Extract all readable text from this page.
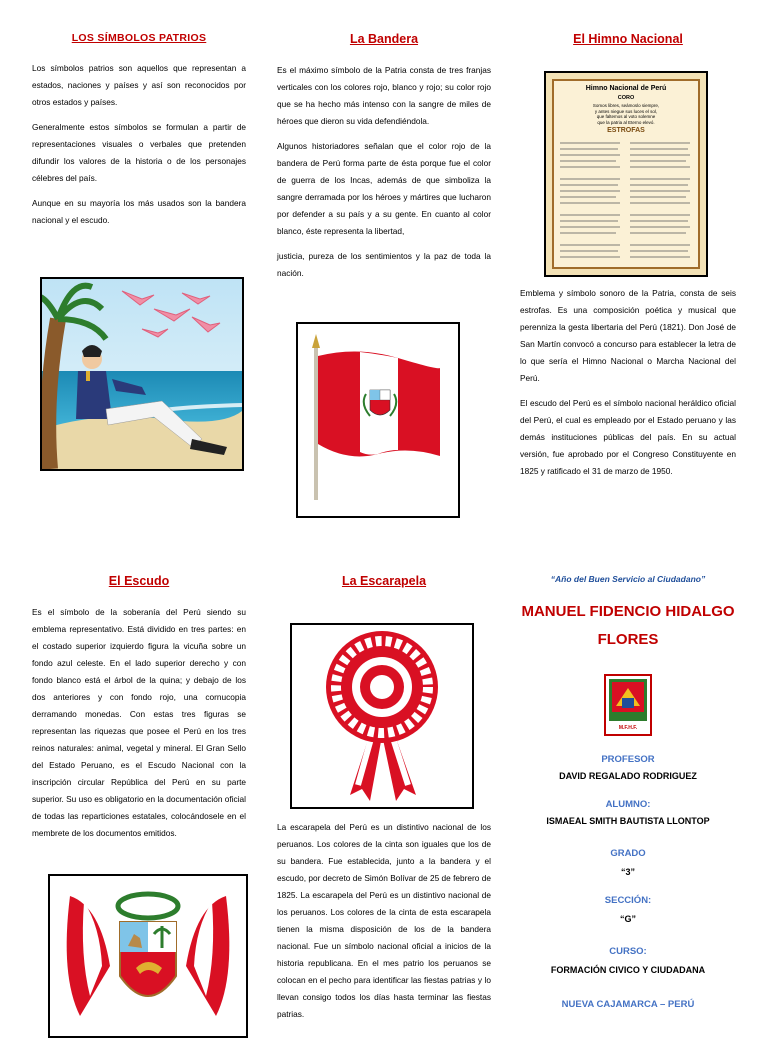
LOS SÍMBOLOS PATRIOS

Los símbolos patrios son aquellos que representan a estados, naciones y países y así son reconocidos por otros estados y países.

Generalmente estos símbolos se formulan a partir de representaciones visuales o verbales que pretenden difundir los valores de la historia o de los personajes célebres del país.

Aunque en su mayoría los más usados son la bandera nacional y el escudo.

La Bandera

Es el máximo símbolo de la Patria consta de tres franjas verticales con los colores rojo, blanco y rojo; su color rojo que se ha hecho más intenso con la sangre de miles de héroes que dieron su vida defendiéndola.

Algunos historiadores señalan que el color rojo de la bandera de Perú forma parte de ésta porque fue el color de guerra de los Incas, además de que simboliza la sangre derramada por los héroes y mártires que lucharon por defender a su país y a su gente. En cuanto al color blanco, éste representa la libertad,

justicia, pureza de los sentimientos y la paz de toda la nación.

El Himno Nacional
Himno Nacional de Perú
CORO
Somos libres, seámoslo siempre,
y antes niegue sus luces el sol,
que faltemos al voto solemne
que la patria al Eterno elevó.
ESTROFAS

Emblema y símbolo sonoro de la Patria, consta de seis estrofas. Es una composición poética y musical que perenniza la gesta libertaria del Perú (1821). Don José de San Martín convocó a concurso para establecer la letra de lo que sería el Himno Nacional o Marcha Nacional del Perú.

El escudo del Perú es el símbolo nacional heráldico oficial del Perú, el cual es empleado por el Estado peruano y las demás instituciones públicas del país. En su actual versión, fue aprobado por el Congreso Constituyente en 1825 y ratificado el 31 de marzo de 1950.

El Escudo

Es el símbolo de la soberanía del Perú siendo su emblema representativo. Está dividido en tres partes: en el costado superior izquierdo figura la vicuña sobre un fondo azul celeste. En el lado superior derecho y con fondo blanco está el árbol de la quina; y debajo de los dos anteriores y con fondo rojo, una cornucopia derramando monedas. Con estas tres figuras se representan las riquezas que posee el Perú en los tres reinos naturales: animal, vegetal y mineral. El Gran Sello del Estado Peruano, es el Escudo Nacional con la inscripción circular República del Perú en su parte superior. Su uso es obligatorio en la documentación oficial de todas las reparticiones estatales, colocándosele en el membrete de los documentos emitidos.

La Escarapela

La escarapela del Perú es un distintivo nacional de los peruanos. Los colores de la cinta son iguales que los de su bandera. Fue establecida, junto a la bandera y el escudo, por decreto de Simón Bolívar de 25 de febrero de 1825. La escarapela del Perú es un distintivo nacional de los peruanos. Los colores de la cinta de esta escarapela tienen la misma disposición de los de la bandera nacional. Fue un símbolo nacional oficial a inicios de la historia republicana. En el mes patrio los peruanos se colocan en el pecho para identificar las fiestas patrias y lo llevan consigo todos los días hasta terminar las fiestas patrias.

“Año del Buen Servicio al Ciudadano”
MANUEL FIDENCIO HIDALGO
FLORES
M.F.H.F.
PROFESOR
DAVID REGALADO RODRIGUEZ
ALUMNO:
ISMAEAL SMITH BAUTISTA LLONTOP
GRADO
“3”
SECCIÓN:
“G”
CURSO:
FORMACIÓN CIVICO Y CIUDADANA
NUEVA CAJAMARCA – PERÚ
